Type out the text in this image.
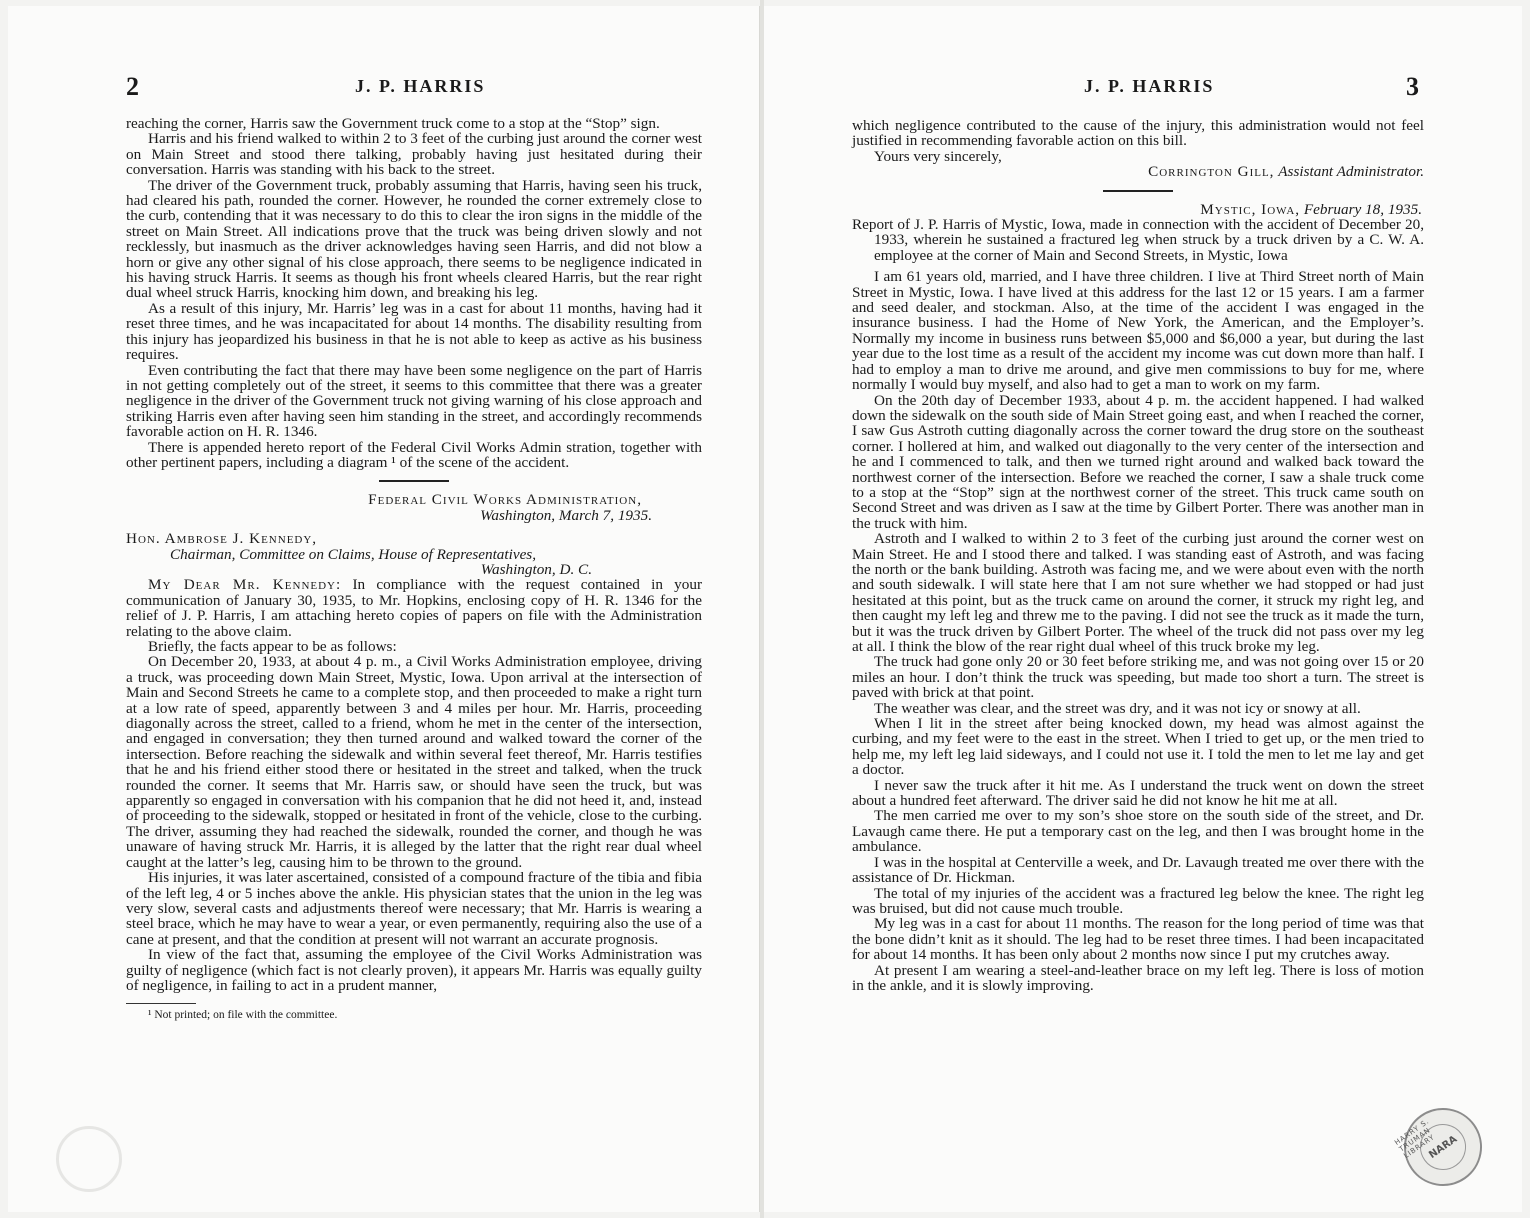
2	J. P. HARRIS

reaching the corner, Harris saw the Government truck come to a stop at the “Stop” sign.

Harris and his friend walked to within 2 to 3 feet of the curbing just around the corner west on Main Street and stood there talking, probably having just hesitated during their conversation. Harris was standing with his back to the street.

The driver of the Government truck, probably assuming that Harris, having seen his truck, had cleared his path, rounded the corner. However, he rounded the corner extremely close to the curb, contending that it was necessary to do this to clear the iron signs in the middle of the street on Main Street. All indications prove that the truck was being driven slowly and not recklessly, but inasmuch as the driver acknowledges having seen Harris, and did not blow a horn or give any other signal of his close approach, there seems to be negligence indicated in his having struck Harris. It seems as though his front wheels cleared Harris, but the rear right dual wheel struck Harris, knocking him down, and breaking his leg.

As a result of this injury, Mr. Harris’ leg was in a cast for about 11 months, having had it reset three times, and he was incapacitated for about 14 months. The disability resulting from this injury has jeopardized his business in that he is not able to keep as active as his business requires.

Even contributing the fact that there may have been some negligence on the part of Harris in not getting completely out of the street, it seems to this committee that there was a greater negligence in the driver of the Government truck not giving warning of his close approach and striking Harris even after having seen him standing in the street, and accordingly recommends favorable action on H. R. 1346.

There is appended hereto report of the Federal Civil Works Admin stration, together with other pertinent papers, including a diagram ¹ of the scene of the accident.

Federal Civil Works Administration,

Washington, March 7, 1935.

Hon. Ambrose J. Kennedy,

Chairman, Committee on Claims, House of Representatives,

Washington, D. C.

My Dear Mr. Kennedy: In compliance with the request contained in your communication of January 30, 1935, to Mr. Hopkins, enclosing copy of H. R. 1346 for the relief of J. P. Harris, I am attaching hereto copies of papers on file with the Administration relating to the above claim.

Briefly, the facts appear to be as follows:

On December 20, 1933, at about 4 p. m., a Civil Works Administration employee, driving a truck, was proceeding down Main Street, Mystic, Iowa. Upon arrival at the intersection of Main and Second Streets he came to a complete stop, and then proceeded to make a right turn at a low rate of speed, apparently between 3 and 4 miles per hour. Mr. Harris, proceeding diagonally across the street, called to a friend, whom he met in the center of the intersection, and engaged in conversation; they then turned around and walked toward the corner of the intersection. Before reaching the sidewalk and within several feet thereof, Mr. Harris testifies that he and his friend either stood there or hesitated in the street and talked, when the truck rounded the corner. It seems that Mr. Harris saw, or should have seen the truck, but was apparently so engaged in conversation with his companion that he did not heed it, and, instead of proceeding to the sidewalk, stopped or hesitated in front of the vehicle, close to the curbing. The driver, assuming they had reached the sidewalk, rounded the corner, and though he was unaware of having struck Mr. Harris, it is alleged by the latter that the right rear dual wheel caught at the latter’s leg, causing him to be thrown to the ground.

His injuries, it was later ascertained, consisted of a compound fracture of the tibia and fibia of the left leg, 4 or 5 inches above the ankle. His physician states that the union in the leg was very slow, several casts and adjustments thereof were necessary; that Mr. Harris is wearing a steel brace, which he may have to wear a year, or even permanently, requiring also the use of a cane at present, and that the condition at present will not warrant an accurate prognosis.

In view of the fact that, assuming the employee of the Civil Works Administration was guilty of negligence (which fact is not clearly proven), it appears Mr. Harris was equally guilty of negligence, in failing to act in a prudent manner,

¹ Not printed; on file with the committee.

J. P. HARRIS	3

which negligence contributed to the cause of the injury, this administration would not feel justified in recommending favorable action on this bill.

Yours very sincerely,

Corrington Gill, Assistant Administrator.

Mystic, Iowa, February 18, 1935.

Report of J. P. Harris of Mystic, Iowa, made in connection with the accident of December 20, 1933, wherein he sustained a fractured leg when struck by a truck driven by a C. W. A. employee at the corner of Main and Second Streets, in Mystic, Iowa

I am 61 years old, married, and I have three children. I live at Third Street north of Main Street in Mystic, Iowa. I have lived at this address for the last 12 or 15 years. I am a farmer and seed dealer, and stockman. Also, at the time of the accident I was engaged in the insurance business. I had the Home of New York, the American, and the Employer’s. Normally my income in business runs between $5,000 and $6,000 a year, but during the last year due to the lost time as a result of the accident my income was cut down more than half. I had to employ a man to drive me around, and give men commissions to buy for me, where normally I would buy myself, and also had to get a man to work on my farm.

On the 20th day of December 1933, about 4 p. m. the accident happened. I had walked down the sidewalk on the south side of Main Street going east, and when I reached the corner, I saw Gus Astroth cutting diagonally across the corner toward the drug store on the southeast corner. I hollered at him, and walked out diagonally to the very center of the intersection and he and I commenced to talk, and then we turned right around and walked back toward the northwest corner of the intersection. Before we reached the corner, I saw a shale truck come to a stop at the “Stop” sign at the northwest corner of the street. This truck came south on Second Street and was driven as I saw at the time by Gilbert Porter. There was another man in the truck with him.

Astroth and I walked to within 2 to 3 feet of the curbing just around the corner west on Main Street. He and I stood there and talked. I was standing east of Astroth, and was facing the north or the bank building. Astroth was facing me, and we were about even with the north and south sidewalk. I will state here that I am not sure whether we had stopped or had just hesitated at this point, but as the truck came on around the corner, it struck my right leg, and then caught my left leg and threw me to the paving. I did not see the truck as it made the turn, but it was the truck driven by Gilbert Porter. The wheel of the truck did not pass over my leg at all. I think the blow of the rear right dual wheel of this truck broke my leg.

The truck had gone only 20 or 30 feet before striking me, and was not going over 15 or 20 miles an hour. I don’t think the truck was speeding, but made too short a turn. The street is paved with brick at that point.

The weather was clear, and the street was dry, and it was not icy or snowy at all.

When I lit in the street after being knocked down, my head was almost against the curbing, and my feet were to the east in the street. When I tried to get up, or the men tried to help me, my left leg laid sideways, and I could not use it. I told the men to let me lay and get a doctor.

I never saw the truck after it hit me. As I understand the truck went on down the street about a hundred feet afterward. The driver said he did not know he hit me at all.

The men carried me over to my son’s shoe store on the south side of the street, and Dr. Lavaugh came there. He put a temporary cast on the leg, and then I was brought home in the ambulance.

I was in the hospital at Centerville a week, and Dr. Lavaugh treated me over there with the assistance of Dr. Hickman.

The total of my injuries of the accident was a fractured leg below the knee. The right leg was bruised, but did not cause much trouble.

My leg was in a cast for about 11 months. The reason for the long period of time was that the bone didn’t knit as it should. The leg had to be reset three times. I had been incapacitated for about 14 months. It has been only about 2 months now since I put my crutches away.

At present I am wearing a steel-and-leather brace on my left leg. There is loss of motion in the ankle, and it is slowly improving.

HARRY S. TRUMAN LIBRARY
NARA
